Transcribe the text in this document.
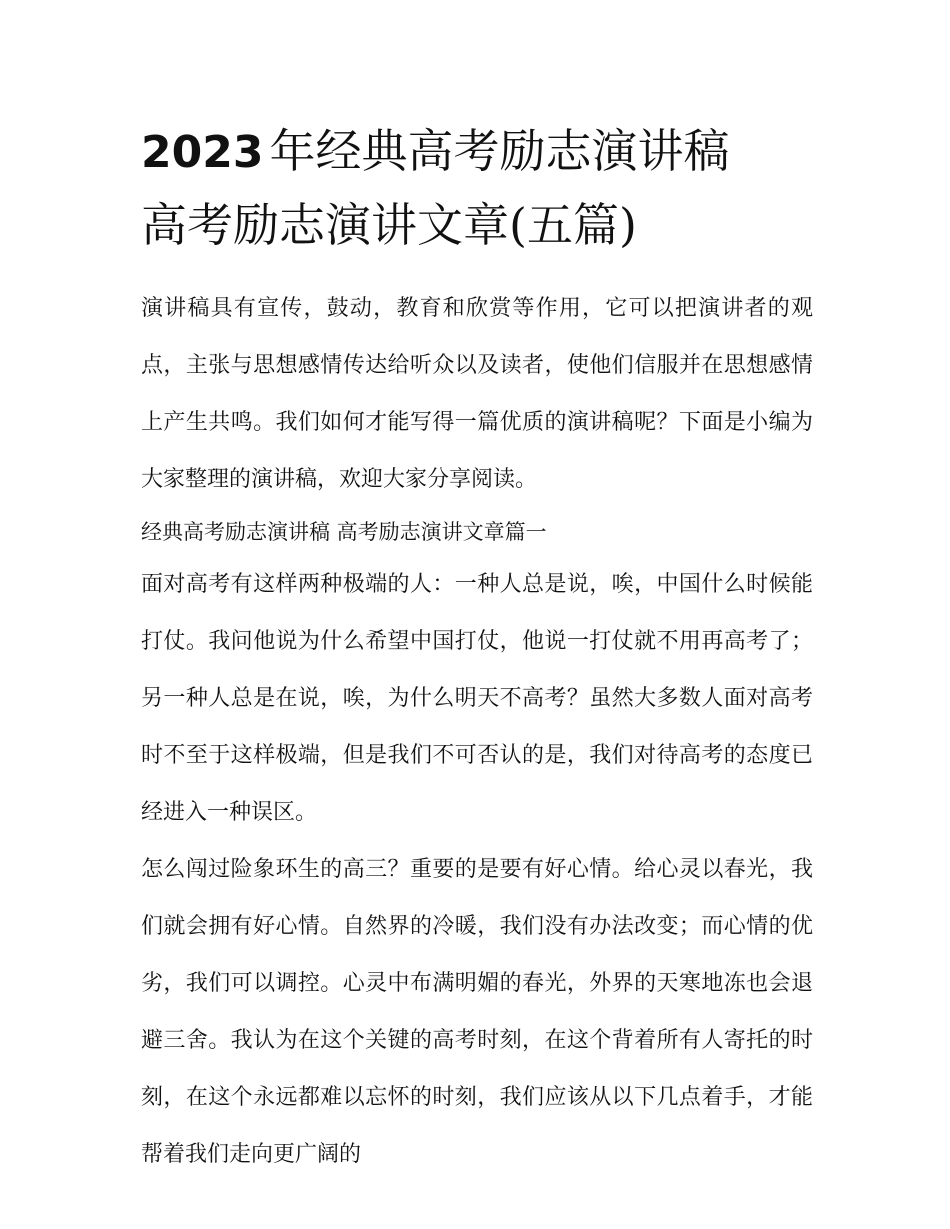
2023 年经典高考励志演讲稿
高考励志演讲文章(五篇)

演讲稿具有宣传，鼓动，教育和欣赏等作用，它可以把演讲者的观点，主张与思想感情传达给听众以及读者，使他们信服并在思想感情上产生共鸣。我们如何才能写得一篇优质的演讲稿呢？下面是小编为大家整理的演讲稿，欢迎大家分享阅读。

经典高考励志演讲稿 高考励志演讲文章篇一

面对高考有这样两种极端的人：一种人总是说，唉，中国什么时候能打仗。我问他说为什么希望中国打仗，他说一打仗就不用再高考了；另一种人总是在说，唉，为什么明天不高考？虽然大多数人面对高考时不至于这样极端，但是我们不可否认的是，我们对待高考的态度已经进入一种误区。

怎么闯过险象环生的高三？重要的是要有好心情。给心灵以春光，我们就会拥有好心情。自然界的冷暖，我们没有办法改变；而心情的优劣，我们可以调控。心灵中布满明媚的春光，外界的天寒地冻也会退避三舍。我认为在这个关键的高考时刻，在这个背着所有人寄托的时刻，在这个永远都难以忘怀的时刻，我们应该从以下几点着手，才能帮着我们走向更广阔的
